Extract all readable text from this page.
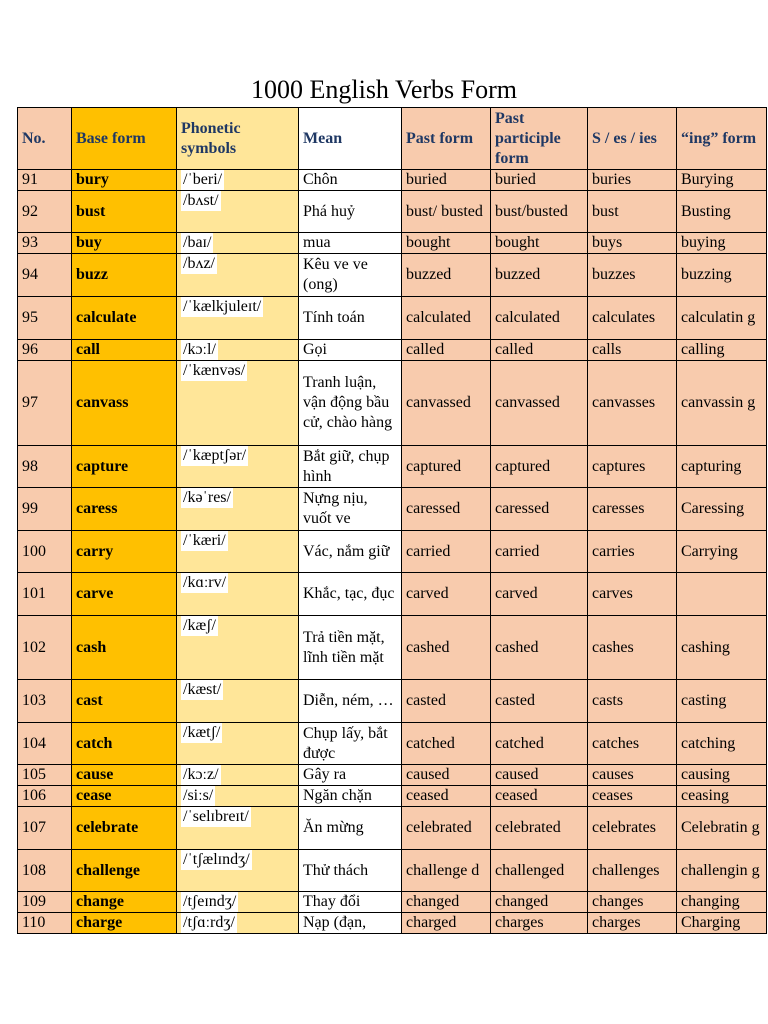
1000 English Verbs Form
No.	Base form	Phonetic symbols	Mean	Past form	Past participle form	S / es / ies	“ing” form
91	bury	/ˈberi/	Chôn	buried	buried	buries	Burying
92	bust	/bʌst/	Phá huỷ	bust/ busted	bust/busted	bust	Busting
93	buy	/baɪ/	mua	bought	bought	buys	buying
94	buzz	/bʌz/	Kêu ve ve (ong)	buzzed	buzzed	buzzes	buzzing
95	calculate	/ˈkælkjuleɪt/	Tính toán	calculated	calculated	calculates	calculatin g
96	call	/kɔːl/	Gọi	called	called	calls	calling
97	canvass	/ˈkænvəs/	Tranh luận, vận động bầu cử, chào hàng	canvassed	canvassed	canvasses	canvassin g
98	capture	/ˈkæptʃər/	Bắt giữ, chụp hình	captured	captured	captures	capturing
99	caress	/kəˈres/	Nựng nịu, vuốt ve	caressed	caressed	caresses	Caressing
100	carry	/ˈkæri/	Vác, nắm giữ	carried	carried	carries	Carrying
101	carve	/kɑːrv/	Khắc, tạc, đục	carved	carved	carves	
102	cash	/kæʃ/	Trả tiền mặt, lĩnh tiền mặt	cashed	cashed	cashes	cashing
103	cast	/kæst/	Diễn, ném, …	casted	casted	casts	casting
104	catch	/kætʃ/	Chụp lấy, bắt được	catched	catched	catches	catching
105	cause	/kɔːz/	Gây ra	caused	caused	causes	causing
106	cease	/siːs/	Ngăn chặn	ceased	ceased	ceases	ceasing
107	celebrate	/ˈselɪbreɪt/	Ăn mừng	celebrated	celebrated	celebrates	Celebratin g
108	challenge	/ˈtʃælɪndʒ/	Thử thách	challenge d	challenged	challenges	challengin g
109	change	/tʃeɪndʒ/	Thay đổi	changed	changed	changes	changing
110	charge	/tʃɑːrdʒ/	Nạp (đạn,	charged	charges	charges	Charging
